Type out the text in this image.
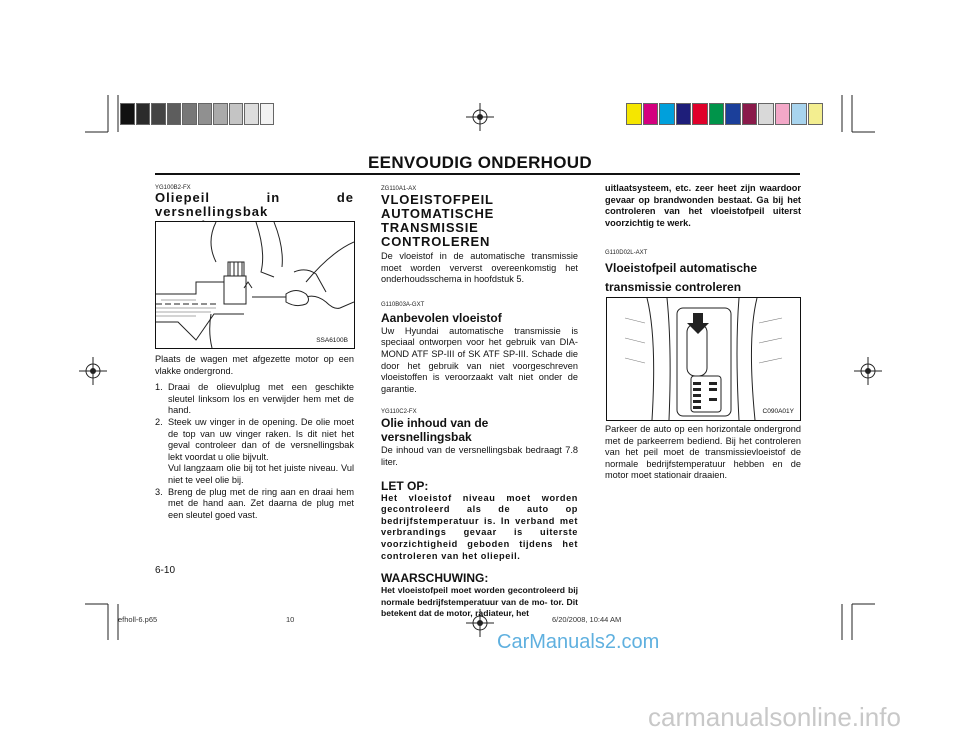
EENVOUDIG ONDERHOUD
YG100B2-FX
Oliepeil in de versnellingsbak
SSA6100B
Plaats de wagen met afgezette motor op een vlakke ondergrond.
1. Draai de olievulplug met een geschikte sleutel linksom los en verwijder hem met de hand.
2. Steek uw vinger in de opening. De olie moet de top van uw vinger raken. Is dit niet het geval controleer dan of de versnellingsbak lekt voordat u olie bijvult.
Vul langzaam olie bij tot het juiste niveau. Vul niet te veel olie bij.
3. Breng de plug met de ring aan en draai hem met de hand aan. Zet daarna de plug met een sleutel goed vast.
ZG110A1-AX
VLOEISTOFPEIL AUTOMATISCHE TRANSMISSIE CONTROLEREN
De vloeistof in de automatische transmissie moet worden ververst overeenkomstig het onderhoudsschema in hoofdstuk 5.
G110B03A-GXT
Aanbevolen vloeistof
Uw Hyundai automatische transmissie is speciaal ontworpen voor het gebruik van DIA-MOND ATF SP-III of SK ATF SP-III. Schade die door het gebruik van niet voorgeschreven vloeistoffen is veroorzaakt valt niet onder de garantie.
YG110C2-FX
Olie inhoud van de versnellingsbak
De inhoud van de versnellingsbak bedraagt 7.8 liter.
LET OP:
Het vloeistof niveau moet worden gecontroleerd als de auto op bedrijfstemperatuur is. In verband met verbrandings gevaar is uiterste voorzichtigheid geboden tijdens het controleren van het oliepeil.
WAARSCHUWING:
Het vloeistofpeil moet worden gecontroleerd bij normale bedrijfstemperatuur van de mo- tor. Dit betekent dat de motor, radiateur, het
uitlaatsysteem, etc. zeer heet zijn waardoor gevaar op brandwonden bestaat. Ga bij het controleren van het vloeistofpeil uiterst voorzichtig te werk.
G110D02L-AXT
Vloeistofpeil automatische transmissie controleren
C090A01Y
Parkeer de auto op een horizontale ondergrond met de parkeerrem bediend. Bij het controleren van het peil moet de transmissievloeistof de normale bedrijfstemperatuur hebben en de motor moet stationair draaien.
6-10
efholl-6.p65	10	6/20/2008, 10:44 AM
CarManuals2.com
carmanualsonline.info
